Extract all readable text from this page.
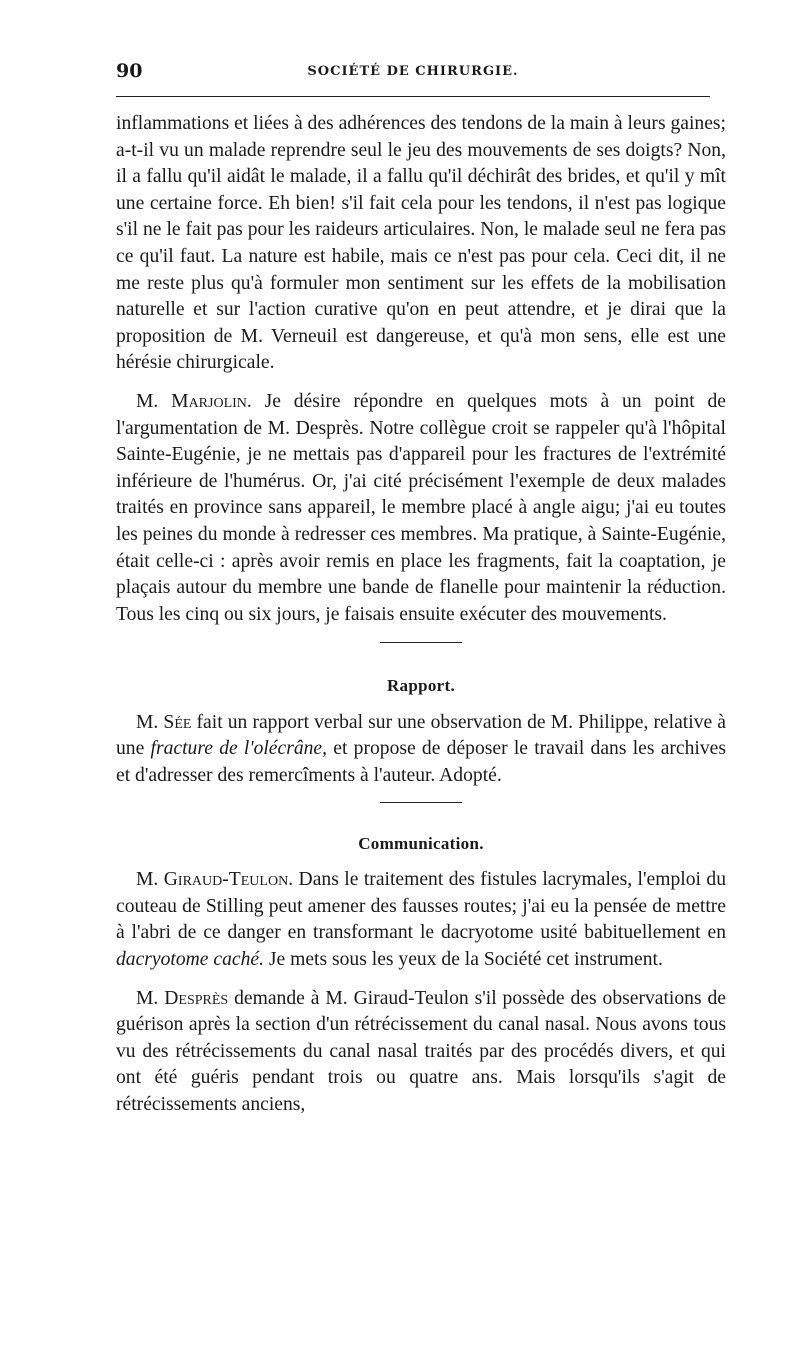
90	SOCIÉTÉ DE CHIRURGIE.

inflammations et liées à des adhérences des tendons de la main à leurs gaines; a-t-il vu un malade reprendre seul le jeu des mouvements de ses doigts? Non, il a fallu qu'il aidât le malade, il a fallu qu'il déchirât des brides, et qu'il y mît une certaine force. Eh bien! s'il fait cela pour les tendons, il n'est pas logique s'il ne le fait pas pour les raideurs articulaires. Non, le malade seul ne fera pas ce qu'il faut. La nature est habile, mais ce n'est pas pour cela. Ceci dit, il ne me reste plus qu'à formuler mon sentiment sur les effets de la mobilisation naturelle et sur l'action curative qu'on en peut attendre, et je dirai que la proposition de M. Verneuil est dangereuse, et qu'à mon sens, elle est une hérésie chirurgicale.

M. Marjolin. Je désire répondre en quelques mots à un point de l'argumentation de M. Desprès. Notre collègue croit se rappeler qu'à l'hôpital Sainte-Eugénie, je ne mettais pas d'appareil pour les fractures de l'extrémité inférieure de l'humérus. Or, j'ai cité précisément l'exemple de deux malades traités en province sans appareil, le membre placé à angle aigu; j'ai eu toutes les peines du monde à redresser ces membres. Ma pratique, à Sainte-Eugénie, était celle-ci : après avoir remis en place les fragments, fait la coaptation, je plaçais autour du membre une bande de flanelle pour maintenir la réduction. Tous les cinq ou six jours, je faisais ensuite exécuter des mouvements.

Rapport.

M. Sée fait un rapport verbal sur une observation de M. Philippe, relative à une fracture de l'olécrâne, et propose de déposer le travail dans les archives et d'adresser des remercîments à l'auteur. Adopté.

Communication.

M. Giraud-Teulon. Dans le traitement des fistules lacrymales, l'emploi du couteau de Stilling peut amener des fausses routes; j'ai eu la pensée de mettre à l'abri de ce danger en transformant le dacryotome usité babituellement en dacryotome caché. Je mets sous les yeux de la Société cet instrument.

M. Desprès demande à M. Giraud-Teulon s'il possède des observations de guérison après la section d'un rétrécissement du canal nasal. Nous avons tous vu des rétrécissements du canal nasal traités par des procédés divers, et qui ont été guéris pendant trois ou quatre ans. Mais lorsqu'ils s'agit de rétrécissements anciens,
